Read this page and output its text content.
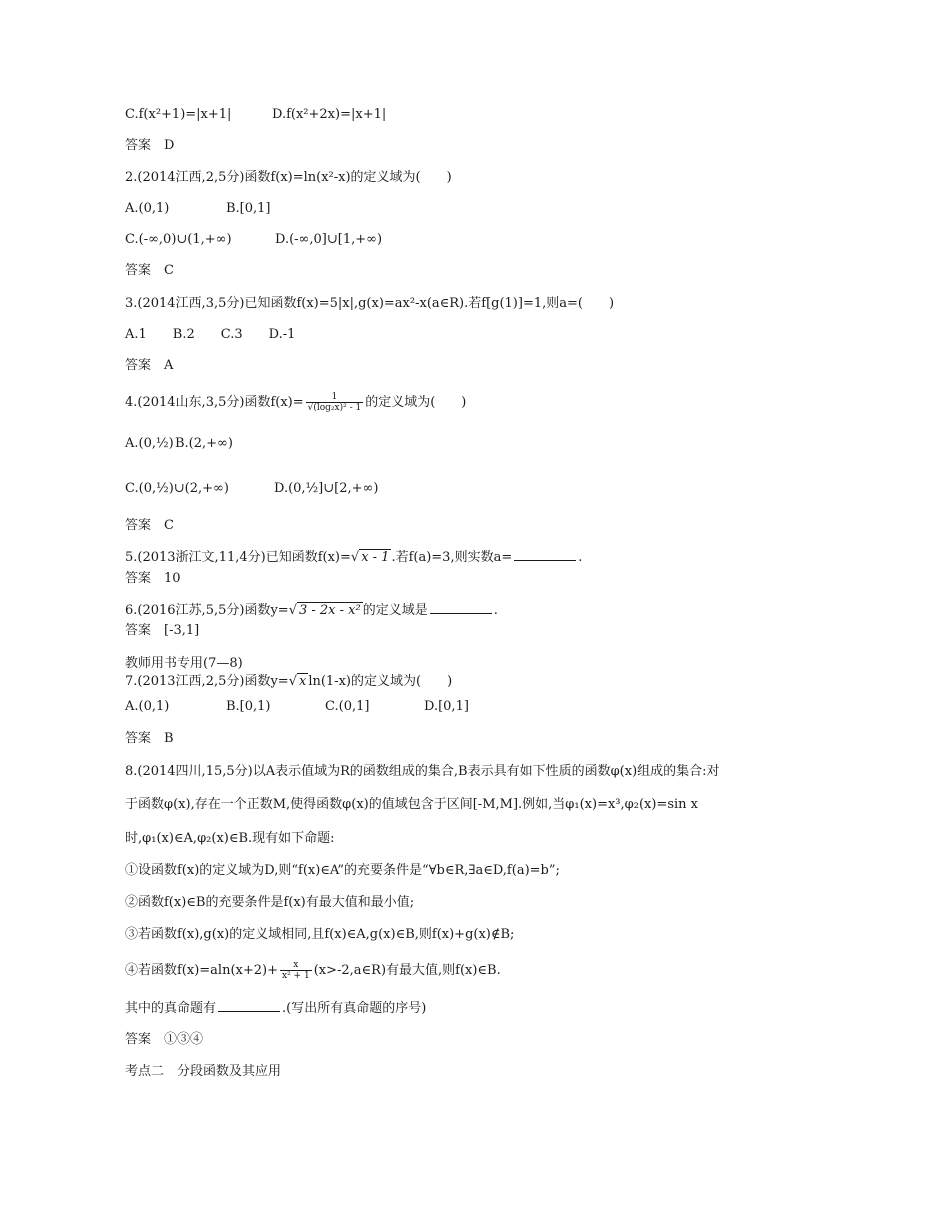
C.f(x²+1)=|x+1|	D.f(x²+2x)=|x+1|
答案　D
2.(2014江西,2,5分)函数f(x)=ln(x²-x)的定义域为(　　)
A.(0,1)	B.[0,1]
C.(-∞,0)∪(1,+∞)	D.(-∞,0]∪[1,+∞)
答案　C
3.(2014江西,3,5分)已知函数f(x)=5|x|,g(x)=ax²-x(a∈R).若f[g(1)]=1,则a=(　　)
A.1　　B.2　　C.3　　D.-1
答案　A
4.(2014山东,3,5分)函数$f(x)= \frac{1}{\text{√(log₂x)² - 1}}$ 的定义域为(　　)
A.(0,½) B.(2,+∞)
C.(0,½)∪(2,+∞)	D.(0,½]∪[2,+∞)
答案　C
5.(2013浙江文,11,4分)已知函数f(x)=√ x - 1 .若f(a)=3,则实数a=	.
答案　10
6.(2016江苏,5,5分)函数y=√ 3 - 2x - x² 的定义域是	.
答案　[-3,1]
教师用书专用(7—8)
7.(2013江西,2,5分)函数y=√ x ln(1-x)的定义域为(　　)
A.(0,1)	B.[0,1)	C.(0,1]	D.[0,1]
答案　B
8.(2014四川,15,5分)以A表示值域为R的函数组成的集合,B表示具有如下性质的函数φ(x)组成的集合:对
于函数φ(x),存在一个正数M,使得函数φ(x)的值域包含于区间[-M,M].例如,当φ₁(x)=x³,φ₂(x)=sin x
时,φ₁(x)∈A,φ₂(x)∈B.现有如下命题:
①设函数f(x)的定义域为D,则“f(x)∈A”的充要条件是“∀b∈R,∃a∈D,f(a)=b”;
②函数f(x)∈B的充要条件是f(x)有最大值和最小值;
③若函数f(x),g(x)的定义域相同,且f(x)∈A,g(x)∈B,则f(x)+g(x)∉B;
④若函数$f(x)=aln(x+2)+ \frac{x}{\text{x² + 1}}$ (x>-2,a∈R)有最大值,则f(x)∈B.
其中的真命题有	.(写出所有真命题的序号)
答案　①③④
考点二　分段函数及其应用
